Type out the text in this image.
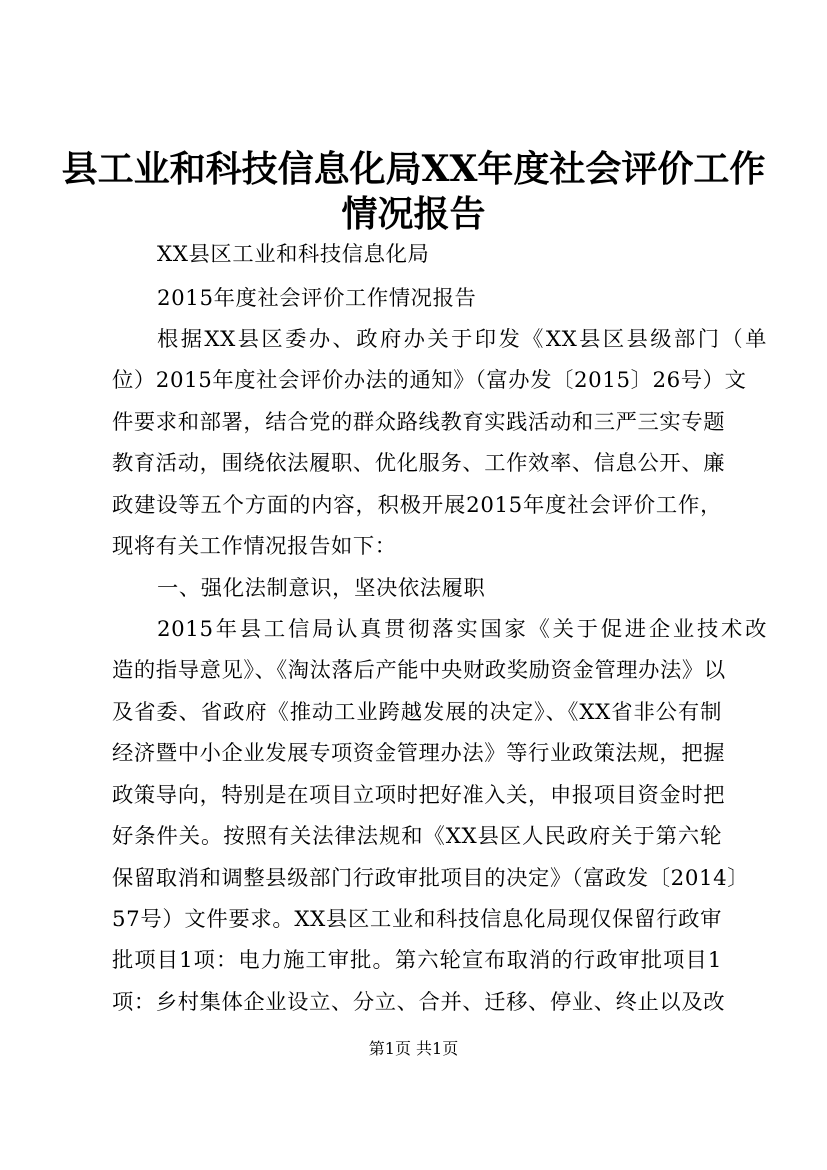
县工业和科技信息化局XX年度社会评价工作
情况报告
XX县区工业和科技信息化局
2015年度社会评价工作情况报告
根据XX县区委办、政府办关于印发《XX县区县级部门（单
位）2015年度社会评价办法的通知》（富办发〔2015〕26号）文
件要求和部署，结合党的群众路线教育实践活动和三严三实专题
教育活动，围绕依法履职、优化服务、工作效率、信息公开、廉
政建设等五个方面的内容，积极开展2015年度社会评价工作，
现将有关工作情况报告如下：
一、强化法制意识，坚决依法履职
2015年县工信局认真贯彻落实国家《关于促进企业技术改
造的指导意见》、《淘汰落后产能中央财政奖励资金管理办法》以
及省委、省政府《推动工业跨越发展的决定》、《XX省非公有制
经济暨中小企业发展专项资金管理办法》等行业政策法规，把握
政策导向，特别是在项目立项时把好准入关，申报项目资金时把
好条件关。按照有关法律法规和《XX县区人民政府关于第六轮
保留取消和调整县级部门行政审批项目的决定》（富政发〔2014〕
57号）文件要求。XX县区工业和科技信息化局现仅保留行政审
批项目1项：电力施工审批。第六轮宣布取消的行政审批项目1
项：乡村集体企业设立、分立、合并、迁移、停业、终止以及改
第1页 共1页
